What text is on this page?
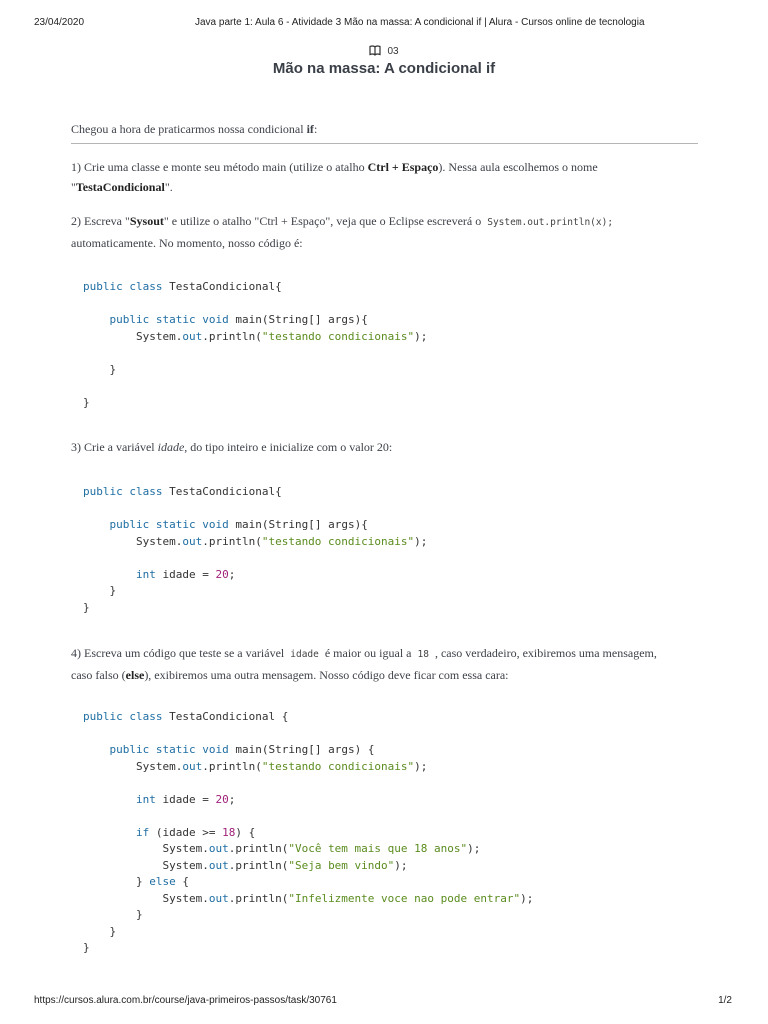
23/04/2020	Java parte 1: Aula 6 - Atividade 3 Mão na massa: A condicional if | Alura - Cursos online de tecnologia
03
Mão na massa: A condicional if
Chegou a hora de praticarmos nossa condicional if:
1) Crie uma classe e monte seu método main (utilize o atalho Ctrl + Espaço). Nessa aula escolhemos o nome
"TestaCondicional".
2) Escreva "Sysout" e utilize o atalho "Ctrl + Espaço", veja que o Eclipse escreverá o System.out.println(x);
automaticamente. No momento, nosso código é:
3) Crie a variável idade, do tipo inteiro e inicialize com o valor 20:
4) Escreva um código que teste se a variável idade é maior ou igual a 18 , caso verdadeiro, exibiremos uma mensagem,
caso falso (else), exibiremos uma outra mensagem. Nosso código deve ficar com essa cara:
public class TestaCondicional{
public static void main(String[] args){
System.out.println("testando condicionais");
}
}
public class TestaCondicional{
public static void main(String[] args){
System.out.println("testando condicionais");
int idade = 20;
}
}
public class TestaCondicional {
public static void main(String[] args) {
System.out.println("testando condicionais");
int idade = 20;
if (idade >= 18) {
System.out.println("Você tem mais que 18 anos");
System.out.println("Seja bem vindo");
} else {
System.out.println("Infelizmente voce nao pode entrar");
}
}
}
https://cursos.alura.com.br/course/java-primeiros-passos/task/30761	1/2
